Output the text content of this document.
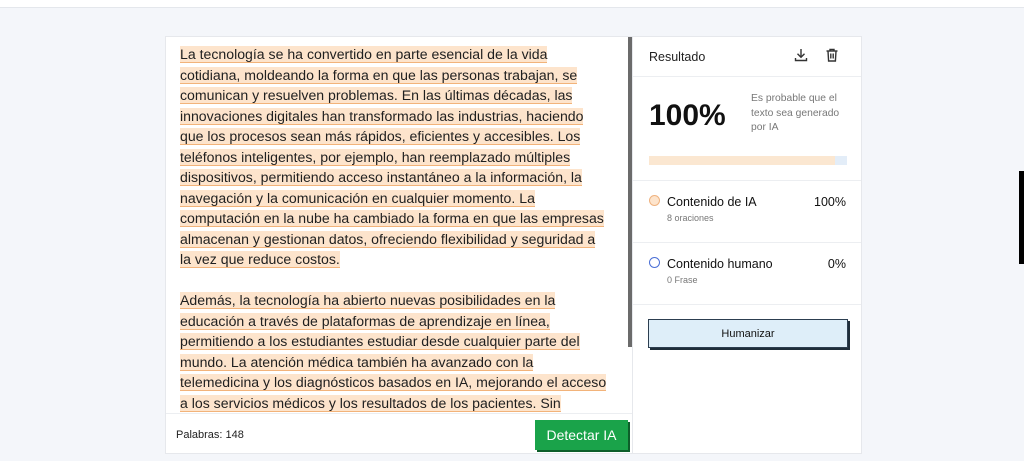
La tecnología se ha convertido en parte esencial de la vida cotidiana, moldeando la forma en que las personas trabajan, se comunican y resuelven problemas. En las últimas décadas, las innovaciones digitales han transformado las industrias, haciendo que los procesos sean más rápidos, eficientes y accesibles. Los teléfonos inteligentes, por ejemplo, han reemplazado múltiples dispositivos, permitiendo acceso instantáneo a la información, la navegación y la comunicación en cualquier momento. La computación en la nube ha cambiado la forma en que las empresas almacenan y gestionan datos, ofreciendo flexibilidad y seguridad a la vez que reduce costos.

Además, la tecnología ha abierto nuevas posibilidades en la educación a través de plataformas de aprendizaje en línea, permitiendo a los estudiantes estudiar desde cualquier parte del mundo. La atención médica también ha avanzado con la telemedicina y los diagnósticos basados en IA, mejorando el acceso a los servicios médicos y los resultados de los pacientes. Sin

Palabras: 148	Detectar IA
Resultado
100%
Es probable que el texto sea generado por IA
Contenido de IA
8 oraciones
100%
Contenido humano
0 Frase
0%
Humanizar
